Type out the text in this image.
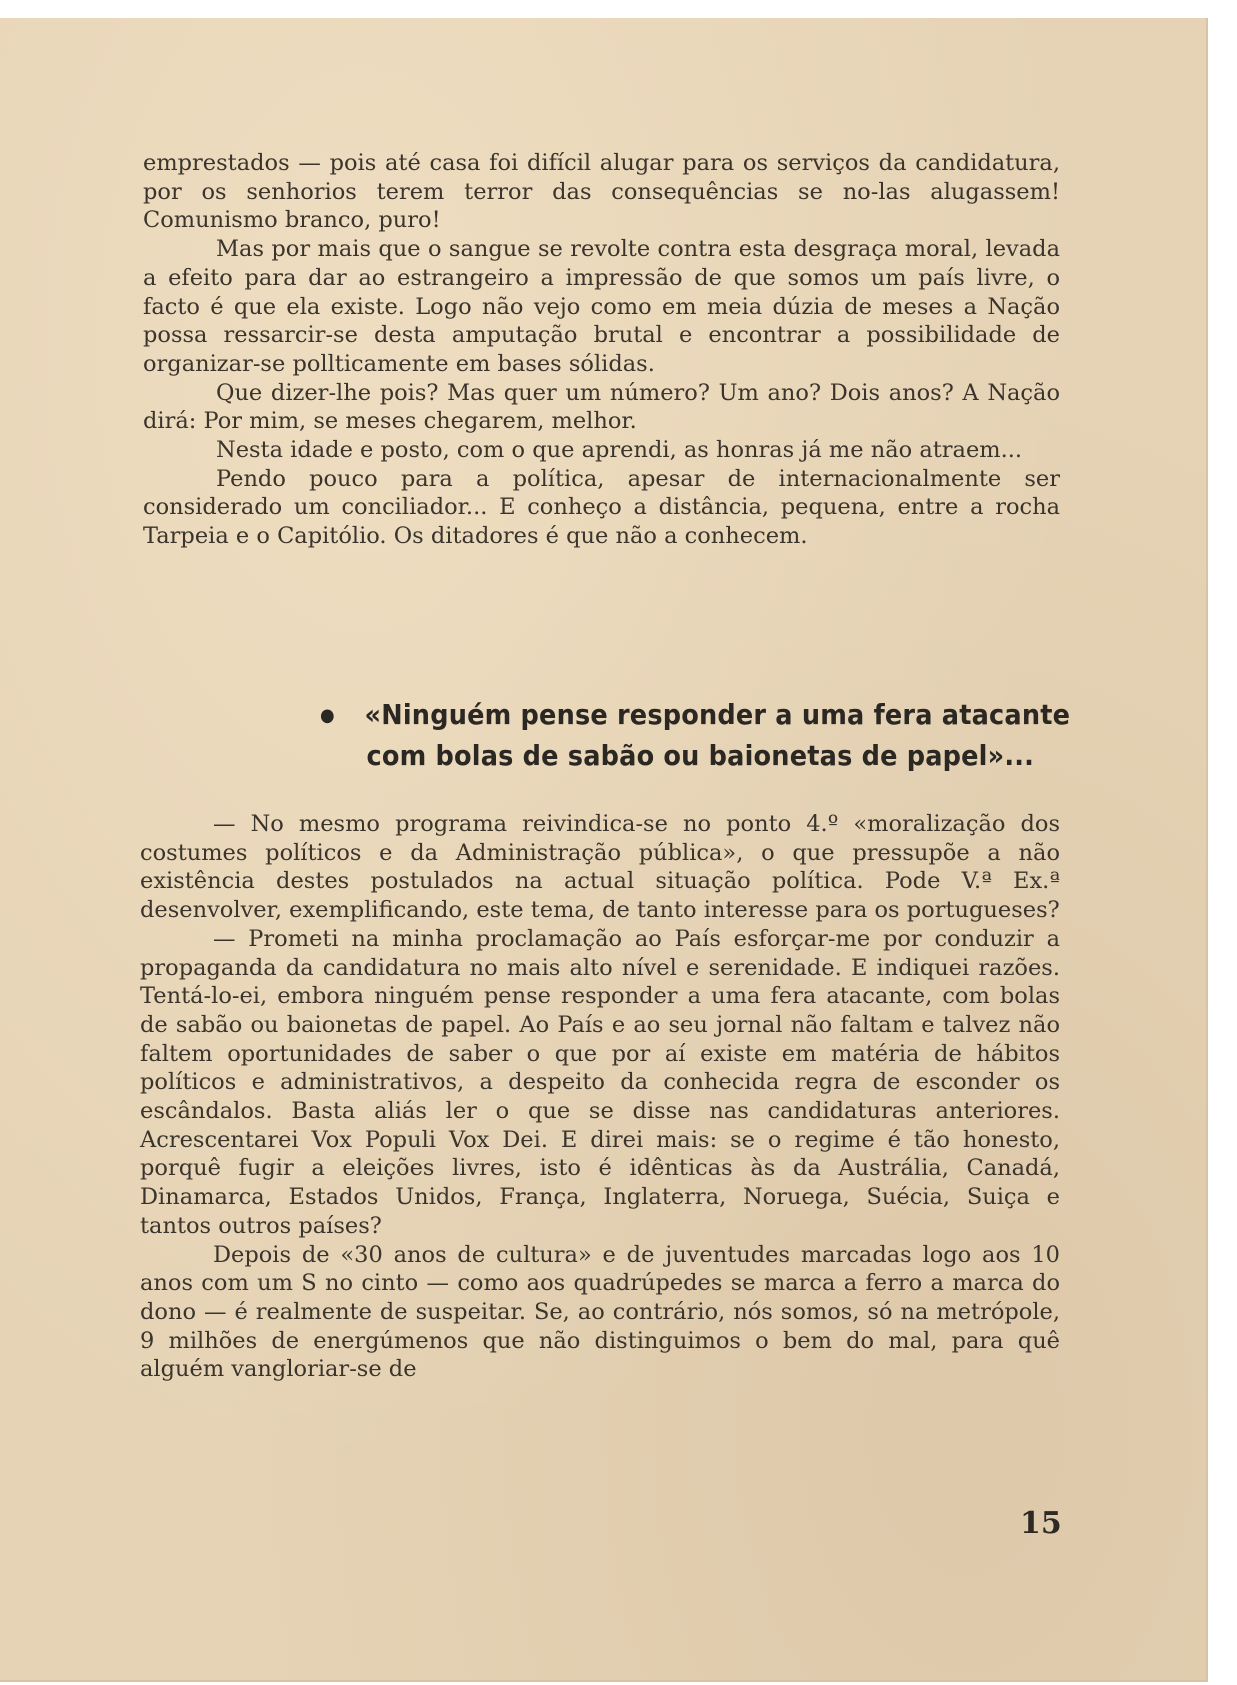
emprestados — pois até casa foi difícil alugar para os serviços da candidatura, por os senhorios terem terror das consequências se no-las alugassem! Comunismo branco, puro!

Mas por mais que o sangue se revolte contra esta desgraça moral, levada a efeito para dar ao estrangeiro a impressão de que somos um país livre, o facto é que ela existe. Logo não vejo como em meia dúzia de meses a Nação possa ressarcir-se desta amputação brutal e encontrar a possibilidade de organizar-se pollticamente em bases sólidas.

Que dizer-lhe pois? Mas quer um número? Um ano? Dois anos? A Nação dirá: Por mim, se meses chegarem, melhor.

Nesta idade e posto, com o que aprendi, as honras já me não atraem...

Pendo pouco para a política, apesar de internacionalmente ser considerado um conciliador... E conheço a distância, pequena, entre a rocha Tarpeia e o Capitólio. Os ditadores é que não a conhecem.

● «Ninguém pense responder a uma fera atacante
com bolas de sabão ou baionetas de papel»...

— No mesmo programa reivindica-se no ponto 4.º «moralização dos costumes políticos e da Administração pública», o que pressupõe a não existência destes postulados na actual situação política. Pode V.ª Ex.ª desenvolver, exemplificando, este tema, de tanto interesse para os portugueses?

— Prometi na minha proclamação ao País esforçar-me por conduzir a propaganda da candidatura no mais alto nível e serenidade. E indiquei razões. Tentá-lo-ei, embora ninguém pense responder a uma fera atacante, com bolas de sabão ou baionetas de papel. Ao País e ao seu jornal não faltam e talvez não faltem oportunidades de saber o que por aí existe em matéria de hábitos políticos e administrativos, a despeito da conhecida regra de esconder os escândalos. Basta aliás ler o que se disse nas candidaturas anteriores. Acrescentarei Vox Populi Vox Dei. E direi mais: se o regime é tão honesto, porquê fugir a eleições livres, isto é idênticas às da Austrália, Canadá, Dinamarca, Estados Unidos, França, Inglaterra, Noruega, Suécia, Suiça e tantos outros países?

Depois de «30 anos de cultura» e de juventudes marcadas logo aos 10 anos com um S no cinto — como aos quadrúpedes se marca a ferro a marca do dono — é realmente de suspeitar. Se, ao contrário, nós somos, só na metrópole, 9 milhões de energúmenos que não distinguimos o bem do mal, para quê alguém vangloriar-se de

15
